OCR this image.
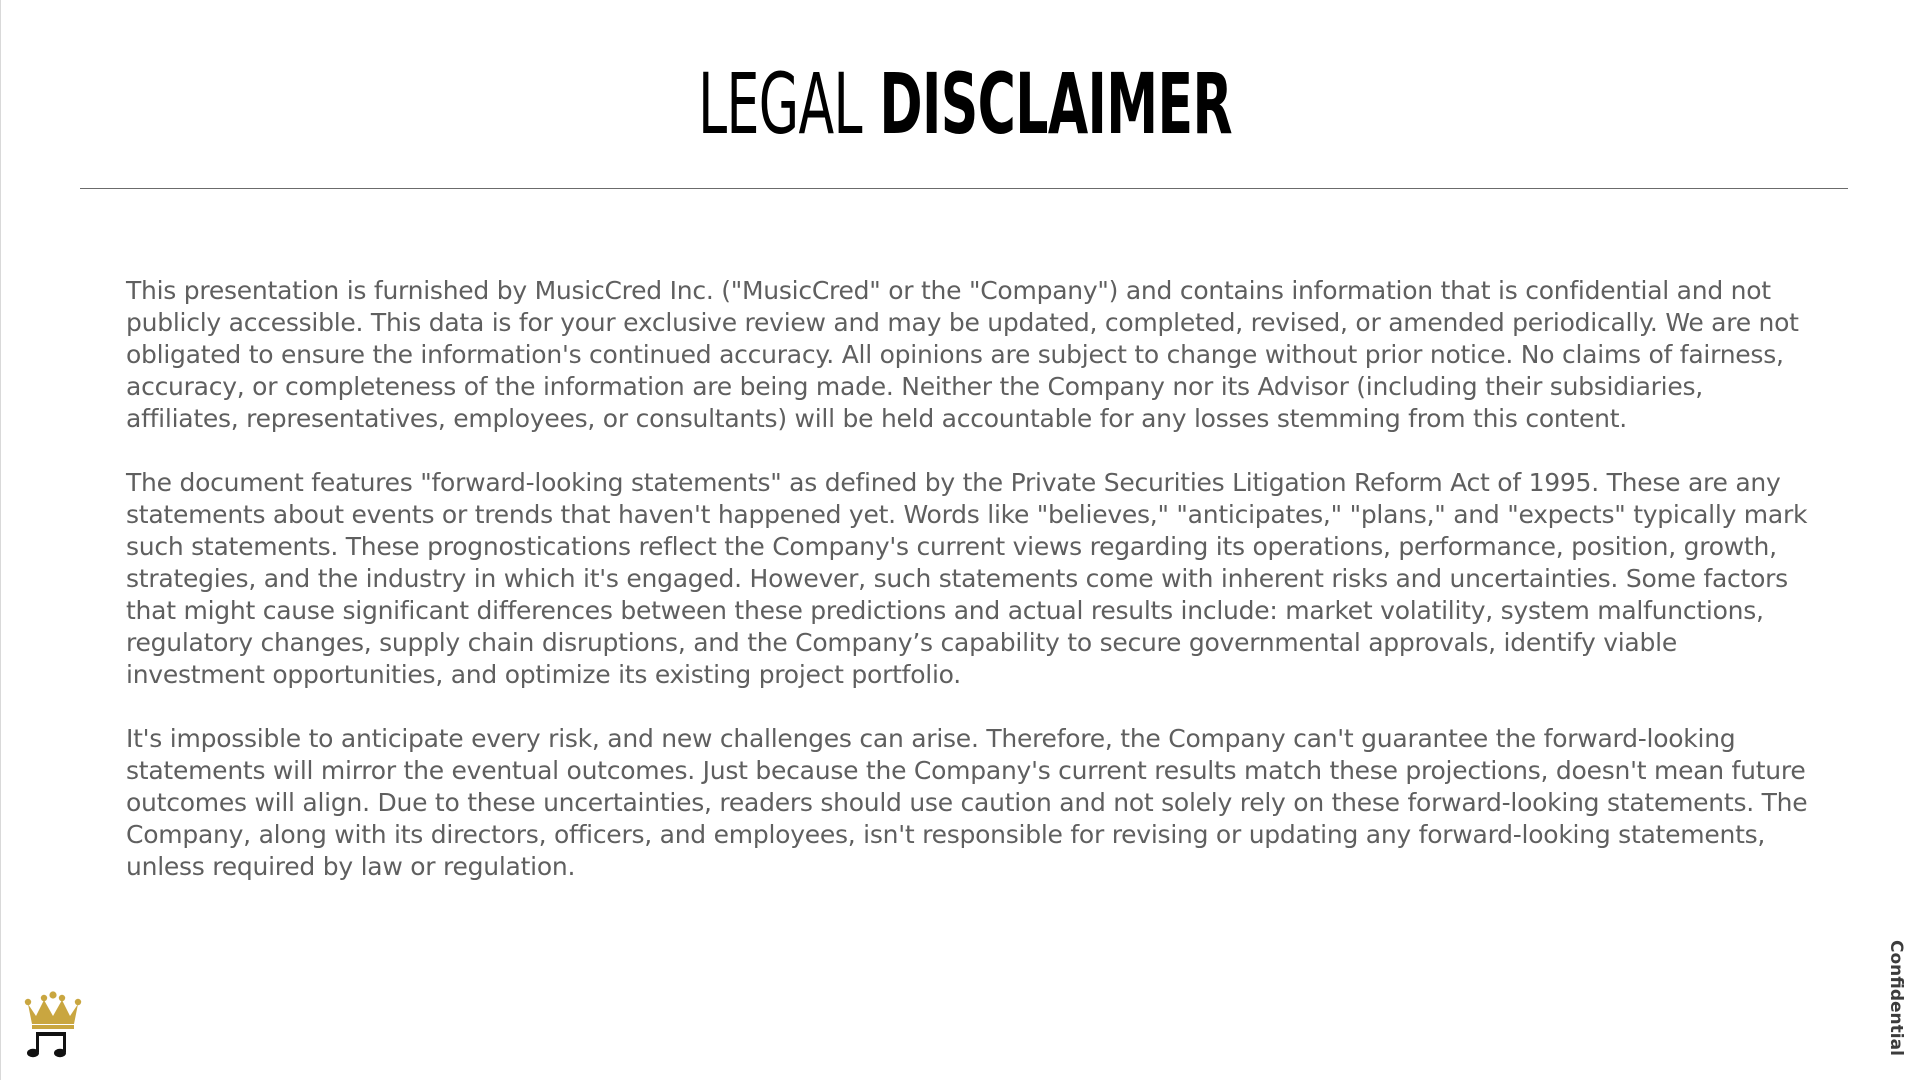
LEGAL DISCLAIMER

This presentation is furnished by MusicCred Inc. ("MusicCred" or the "Company") and contains information that is confidential and not publicly accessible. This data is for your exclusive review and may be updated, completed, revised, or amended periodically. We are not obligated to ensure the information's continued accuracy. All opinions are subject to change without prior notice. No claims of fairness, accuracy, or completeness of the information are being made. Neither the Company nor its Advisor (including their subsidiaries, affiliates, representatives, employees, or consultants) will be held accountable for any losses stemming from this content.

The document features "forward-looking statements" as defined by the Private Securities Litigation Reform Act of 1995. These are any statements about events or trends that haven't happened yet. Words like "believes," "anticipates," "plans," and "expects" typically mark such statements. These prognostications reflect the Company's current views regarding its operations, performance, position, growth, strategies, and the industry in which it's engaged. However, such statements come with inherent risks and uncertainties. Some factors that might cause significant differences between these predictions and actual results include: market volatility, system malfunctions, regulatory changes, supply chain disruptions, and the Company’s capability to secure governmental approvals, identify viable investment opportunities, and optimize its existing project portfolio.

It's impossible to anticipate every risk, and new challenges can arise. Therefore, the Company can't guarantee the forward-looking statements will mirror the eventual outcomes. Just because the Company's current results match these projections, doesn't mean future outcomes will align. Due to these uncertainties, readers should use caution and not solely rely on these forward-looking statements. The Company, along with its directors, officers, and employees, isn't responsible for revising or updating any forward-looking statements, unless required by law or regulation.

Confidential
